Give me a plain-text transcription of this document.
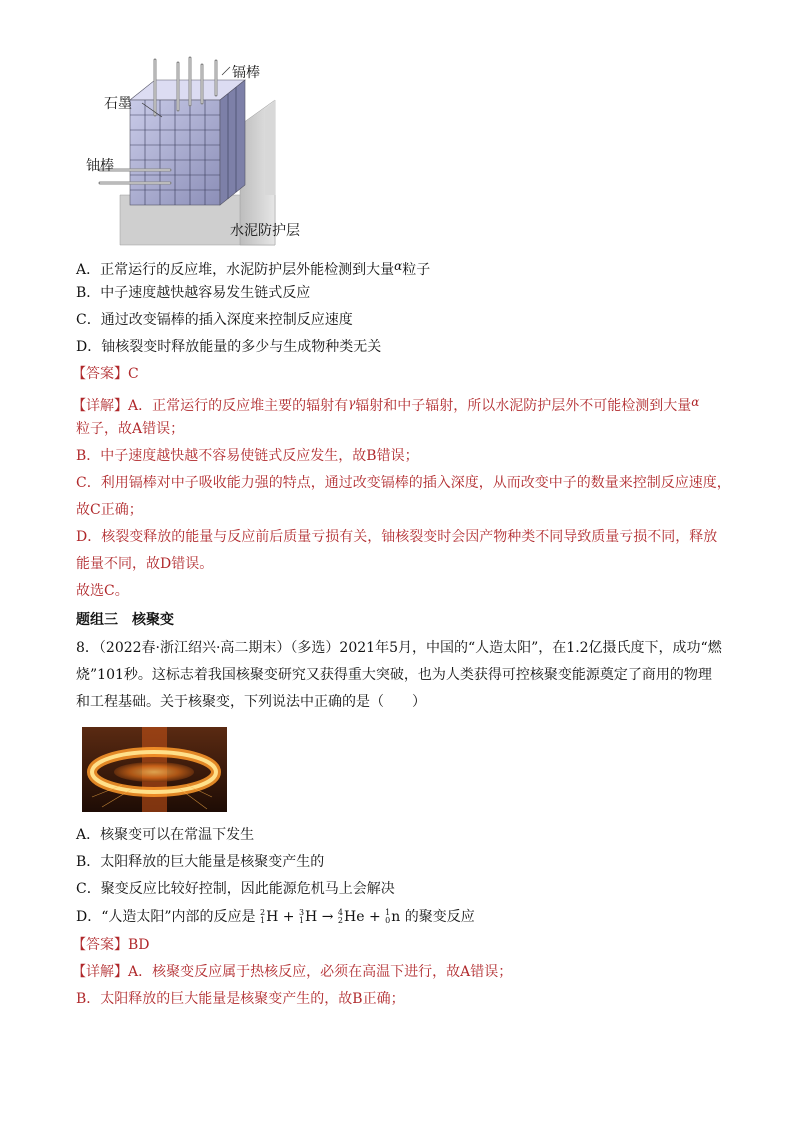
镉棒
石墨
铀棒
水泥防护层
A．正常运行的反应堆，水泥防护层外能检测到大量α粒子
B．中子速度越快越容易发生链式反应
C．通过改变镉棒的插入深度来控制反应速度
D．铀核裂变时释放能量的多少与生成物种类无关
【答案】C
【详解】A．正常运行的反应堆主要的辐射有γ辐射和中子辐射，所以水泥防护层外不可能检测到大量α
粒子，故A错误；
B．中子速度越快越不容易使链式反应发生，故B错误；
C．利用镉棒对中子吸收能力强的特点，通过改变镉棒的插入深度，从而改变中子的数量来控制反应速度，
故C正确；
D．核裂变释放的能量与反应前后质量亏损有关，铀核裂变时会因产物种类不同导致质量亏损不同，释放
能量不同，故D错误。
故选C。
题组三　核聚变
8．（2022春·浙江绍兴·高二期末）（多选）2021年5月，中国的“人造太阳”，在1.2亿摄氏度下，成功“燃
烧”101秒。这标志着我国核聚变研究又获得重大突破，也为人类获得可控核聚变能源奠定了商用的物理
和工程基础。关于核聚变，下列说法中正确的是（　　）
A．核聚变可以在常温下发生
B．太阳释放的巨大能量是核聚变产生的
C．聚变反应比较好控制，因此能源危机马上会解决
D．“人造太阳”内部的反应是 2
1 H + 3
1 H → 4
2 He + 1
0 n 的聚变反应
【答案】BD
【详解】A．核聚变反应属于热核反应，必须在高温下进行，故A错误；
B．太阳释放的巨大能量是核聚变产生的，故B正确；
